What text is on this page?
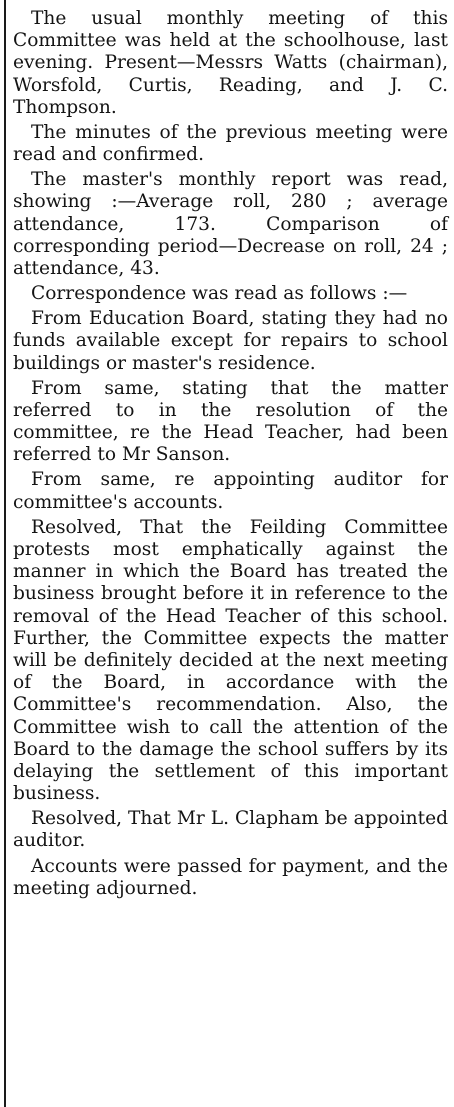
The usual monthly meeting of this Committee was held at the schoolhouse, last evening. Present—Messrs Watts (chairman), Worsfold, Curtis, Reading, and J. C. Thompson.

The minutes of the previous meeting were read and confirmed.

The master's monthly report was read, showing :—Average roll, 280 ; average attendance, 173. Comparison of corresponding period—Decrease on roll, 24 ; attendance, 43.

Correspondence was read as follows :—

From Education Board, stating they had no funds available except for repairs to school buildings or master's residence.

From same, stating that the matter referred to in the resolution of the committee, re the Head Teacher, had been referred to Mr Sanson.

From same, re appointing auditor for committee's accounts.

Resolved, That the Feilding Committee protests most emphatically against the manner in which the Board has treated the business brought before it in reference to the removal of the Head Teacher of this school. Further, the Committee expects the matter will be definitely decided at the next meeting of the Board, in accordance with the Committee's recommendation. Also, the Committee wish to call the attention of the Board to the damage the school suffers by its delaying the settlement of this important business.

Resolved, That Mr L. Clapham be appointed auditor.

Accounts were passed for payment, and the meeting adjourned.
